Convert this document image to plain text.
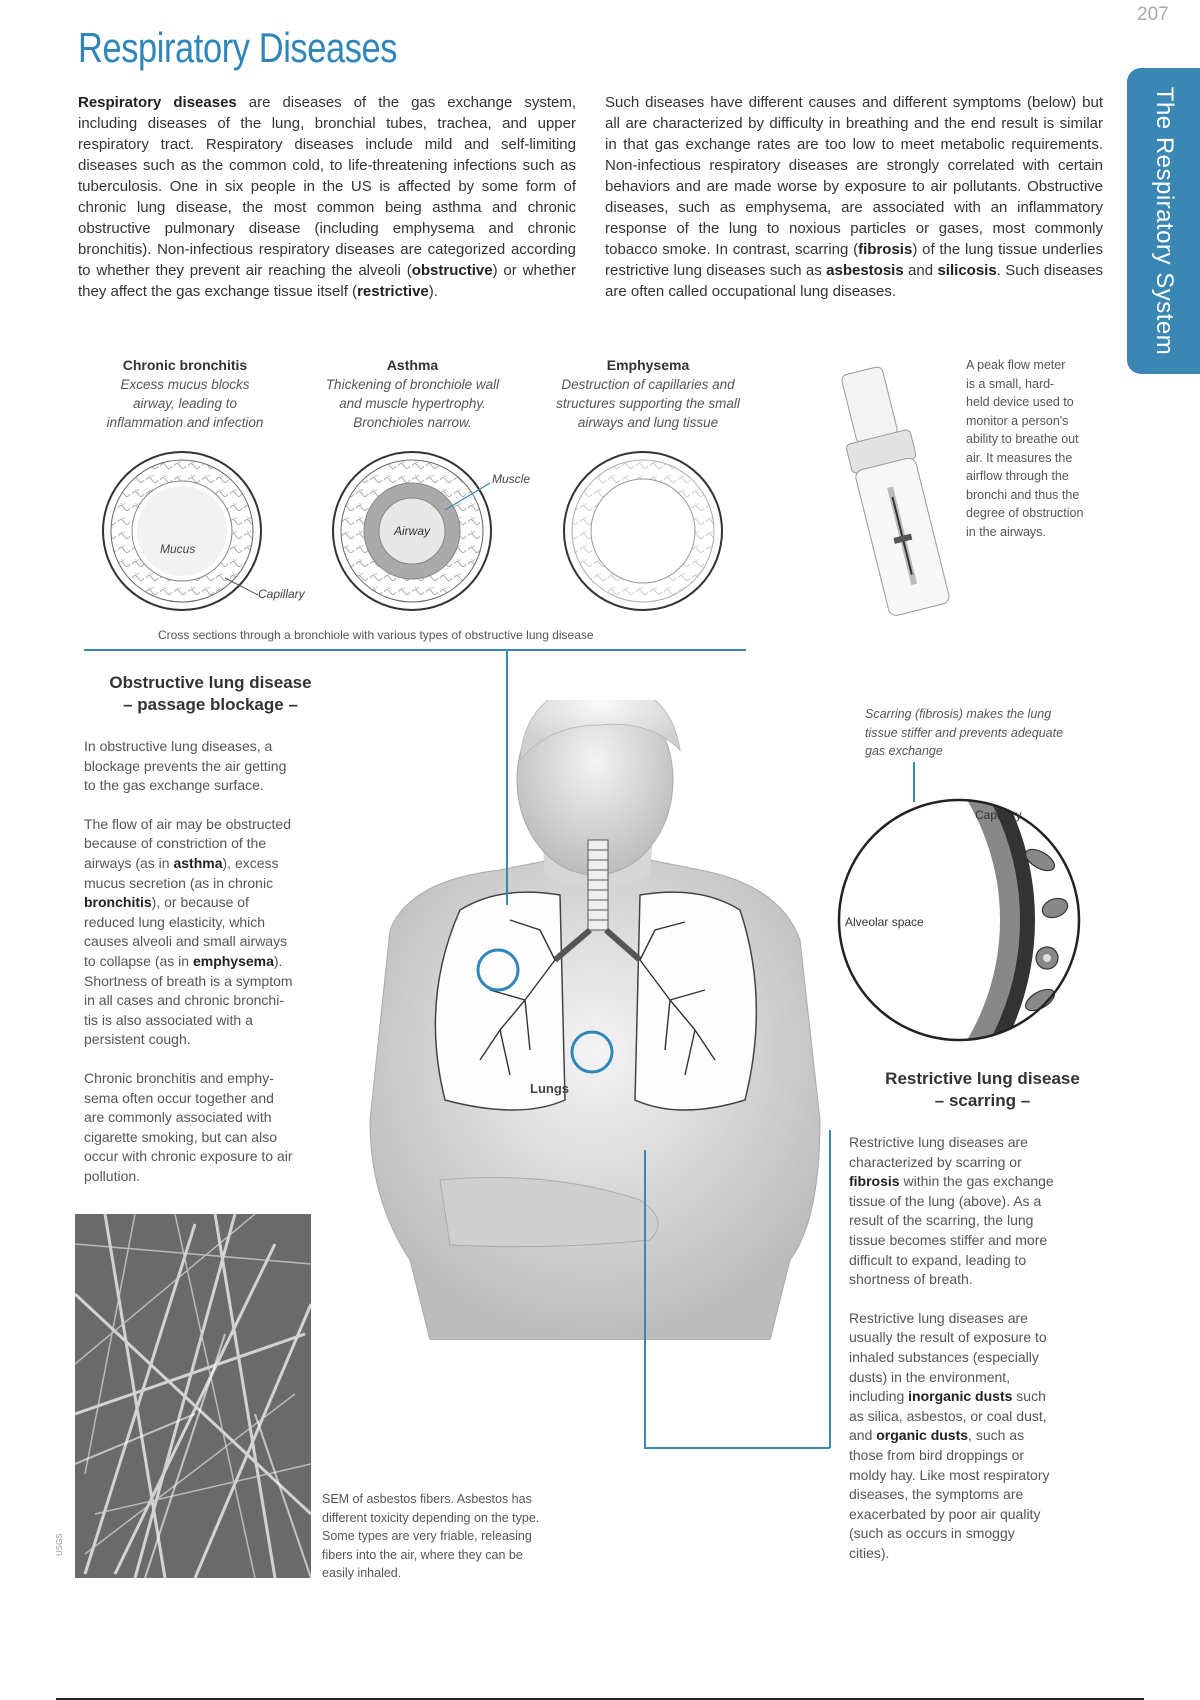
207
The Respiratory System
Respiratory Diseases
Respiratory diseases are diseases of the gas exchange system, including diseases of the lung, bronchial tubes, trachea, and upper respiratory tract. Respiratory diseases include mild and self-limiting diseases such as the common cold, to life-threatening infections such as tuberculosis. One in six people in the US is affected by some form of chronic lung disease, the most common being asthma and chronic obstructive pulmonary disease (including emphysema and chronic bronchitis). Non-infectious respiratory diseases are categorized according to whether they prevent air reaching the alveoli (obstructive) or whether they affect the gas exchange tissue itself (restrictive).
Such diseases have different causes and different symptoms (below) but all are characterized by difficulty in breathing and the end result is similar in that gas exchange rates are too low to meet metabolic requirements. Non-infectious respiratory diseases are strongly correlated with certain behaviors and are made worse by exposure to air pollutants. Obstructive diseases, such as emphysema, are associated with an inflammatory response of the lung to noxious particles or gases, most commonly tobacco smoke. In contrast, scarring (fibrosis) of the lung tissue underlies restrictive lung diseases such as asbestosis and silicosis. Such diseases are often called occupational lung diseases.
Chronic bronchitis
Excess mucus blocks
airway, leading to
inflammation and infection
Asthma
Thickening of bronchiole wall
and muscle hypertrophy.
Bronchioles narrow.
Emphysema
Destruction of capillaries and
structures supporting the small
airways and lung tissue
Mucus
Capillary
Airway
Muscle
Cross sections through a bronchiole with various types of obstructive lung disease
A peak flow meter
is a small, hard-
held device used to
monitor a person's
ability to breathe out
air. It measures the
airflow through the
bronchi and thus the
degree of obstruction
in the airways.
Obstructive lung disease
– passage blockage –
In obstructive lung diseases, a
blockage prevents the air getting
to the gas exchange surface.
The flow of air may be obstructed
because of constriction of the
airways (as in asthma), excess
mucus secretion (as in chronic
bronchitis), or because of
reduced lung elasticity, which
causes alveoli and small airways
to collapse (as in emphysema).
Shortness of breath is a symptom
in all cases and chronic bronchi-
tis is also associated with a
persistent cough.
Chronic bronchitis and emphy-
sema often occur together and
are commonly associated with
cigarette smoking, but can also
occur with chronic exposure to air
pollution.
Lungs
SEM of asbestos fibers. Asbestos has
different toxicity depending on the type.
Some types are very friable, releasing
fibers into the air, where they can be
easily inhaled.
Scarring (fibrosis) makes the lung
tissue stiffer and prevents adequate
gas exchange
Capillary
Alveolar space	Fibrosis
Restrictive lung disease
– scarring –
Restrictive lung diseases are
characterized by scarring or
fibrosis within the gas exchange
tissue of the lung (above). As a
result of the scarring, the lung
tissue becomes stiffer and more
difficult to expand, leading to
shortness of breath.
Restrictive lung diseases are
usually the result of exposure to
inhaled substances (especially
dusts) in the environment,
including inorganic dusts such
as silica, asbestos, or coal dust,
and organic dusts, such as
those from bird droppings or
moldy hay. Like most respiratory
diseases, the symptoms are
exacerbated by poor air quality
(such as occurs in smoggy
cities).
USGS
